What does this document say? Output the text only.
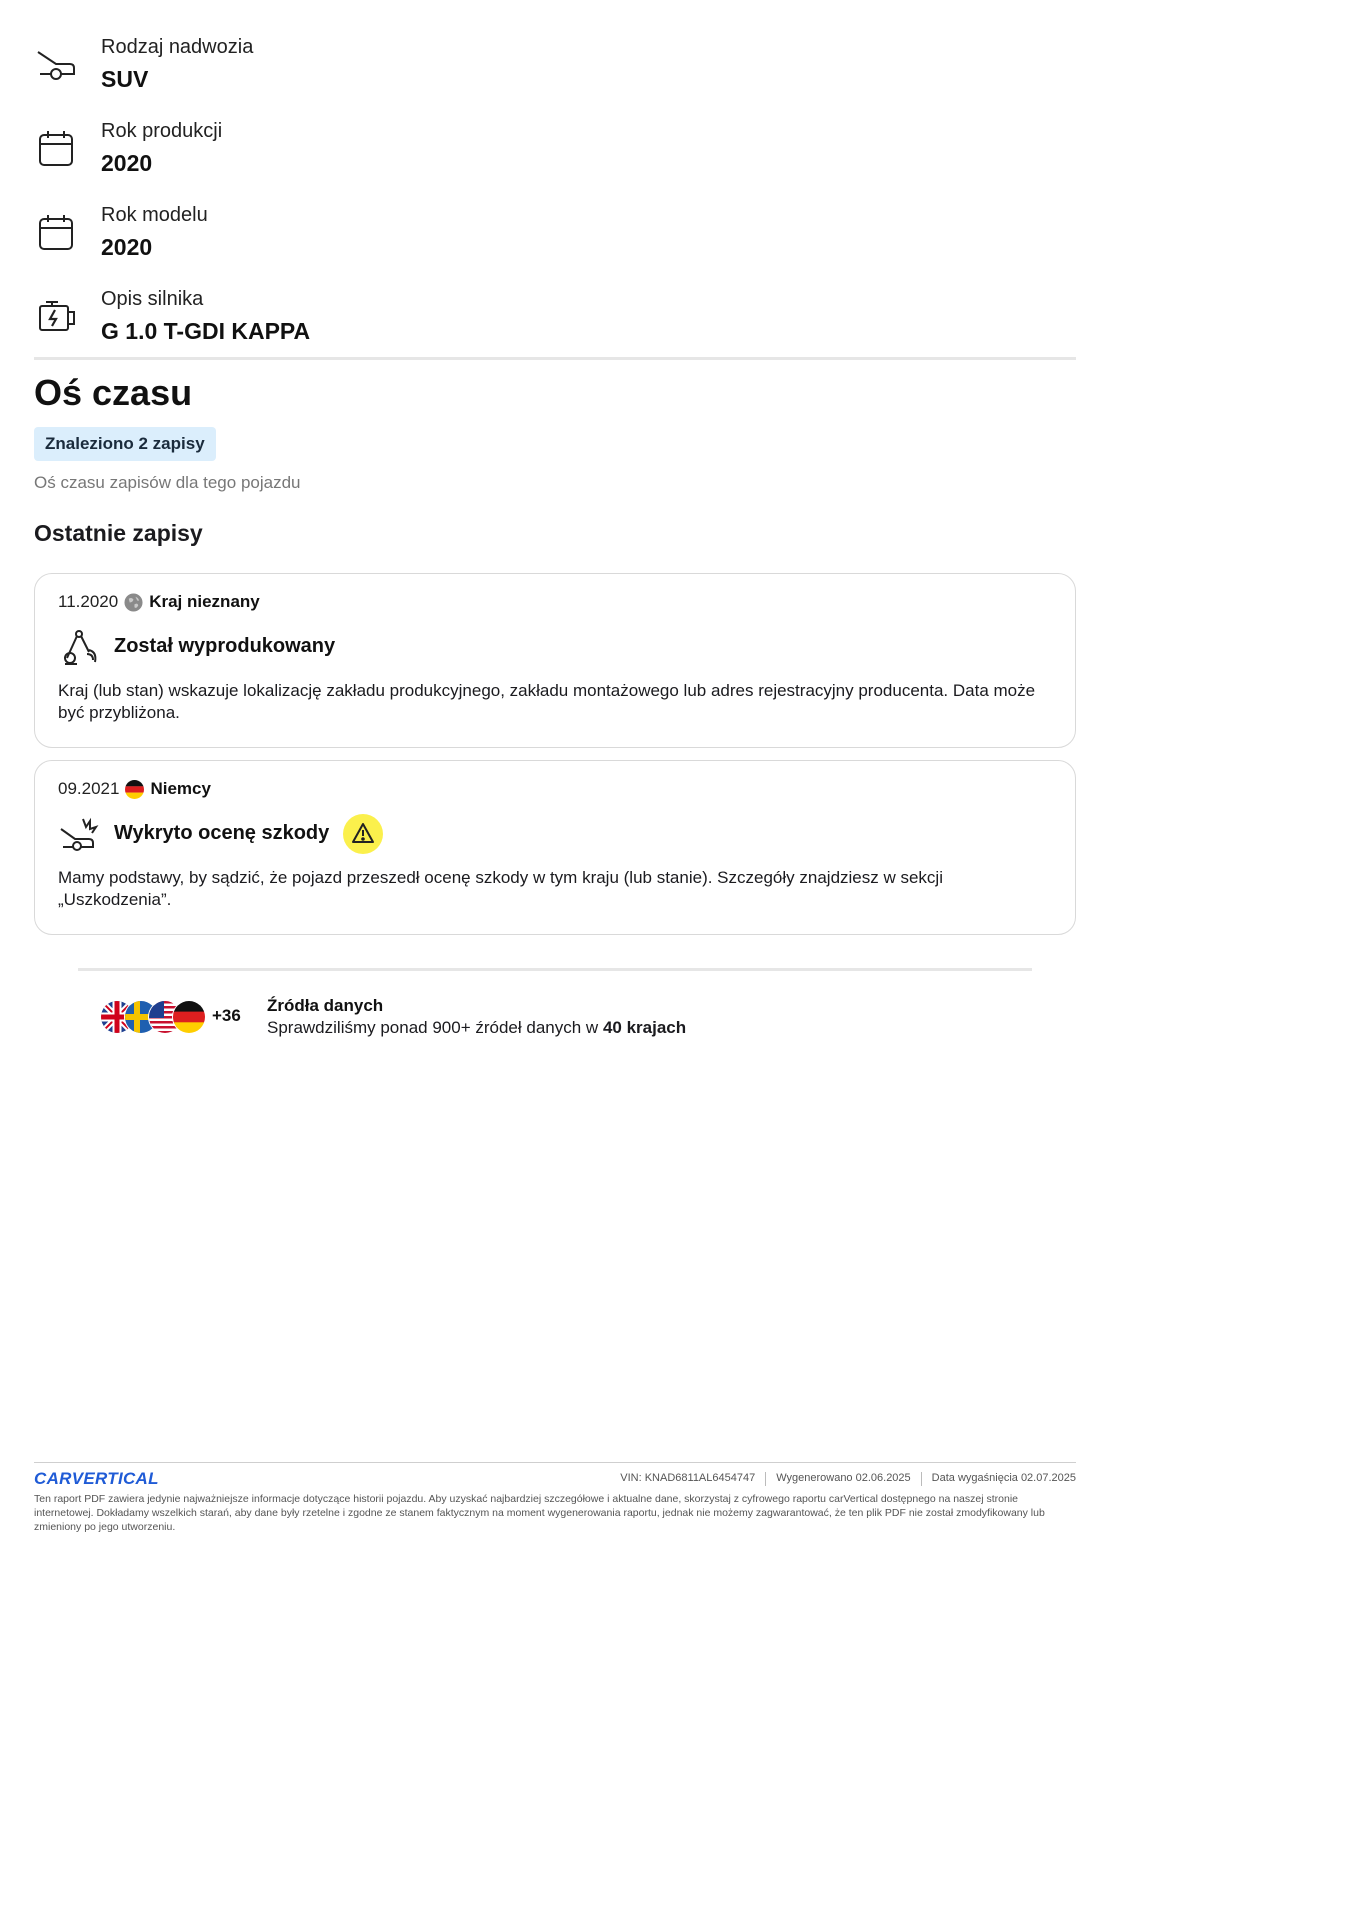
Rodzaj nadwozia
SUV
Rok produkcji
2020
Rok modelu
2020
Opis silnika
G 1.0 T-GDI KAPPA
Oś czasu
Znaleziono 2 zapisy
Oś czasu zapisów dla tego pojazdu
Ostatnie zapisy
11.2020 Kraj nieznany
Został wyprodukowany
Kraj (lub stan) wskazuje lokalizację zakładu produkcyjnego, zakładu montażowego lub adres rejestracyjny producenta. Data może być przybliżona.
09.2021 Niemcy
Wykryto ocenę szkody
Mamy podstawy, by sądzić, że pojazd przeszedł ocenę szkody w tym kraju (lub stanie). Szczegóły znajdziesz w sekcji „Uszkodzenia”.
+36
Źródła danych
Sprawdziliśmy ponad 900+ źródeł danych w 40 krajach
CARVERTICAL	VIN: KNAD6811AL6454747 Wygenerowano 02.06.2025 Data wygaśnięcia 02.07.2025
Ten raport PDF zawiera jedynie najważniejsze informacje dotyczące historii pojazdu. Aby uzyskać najbardziej szczegółowe i aktualne dane, skorzystaj z cyfrowego raportu carVertical dostępnego na naszej stronie internetowej. Dokładamy wszelkich starań, aby dane były rzetelne i zgodne ze stanem faktycznym na moment wygenerowania raportu, jednak nie możemy zagwarantować, że ten plik PDF nie został zmodyfikowany lub zmieniony po jego utworzeniu.
